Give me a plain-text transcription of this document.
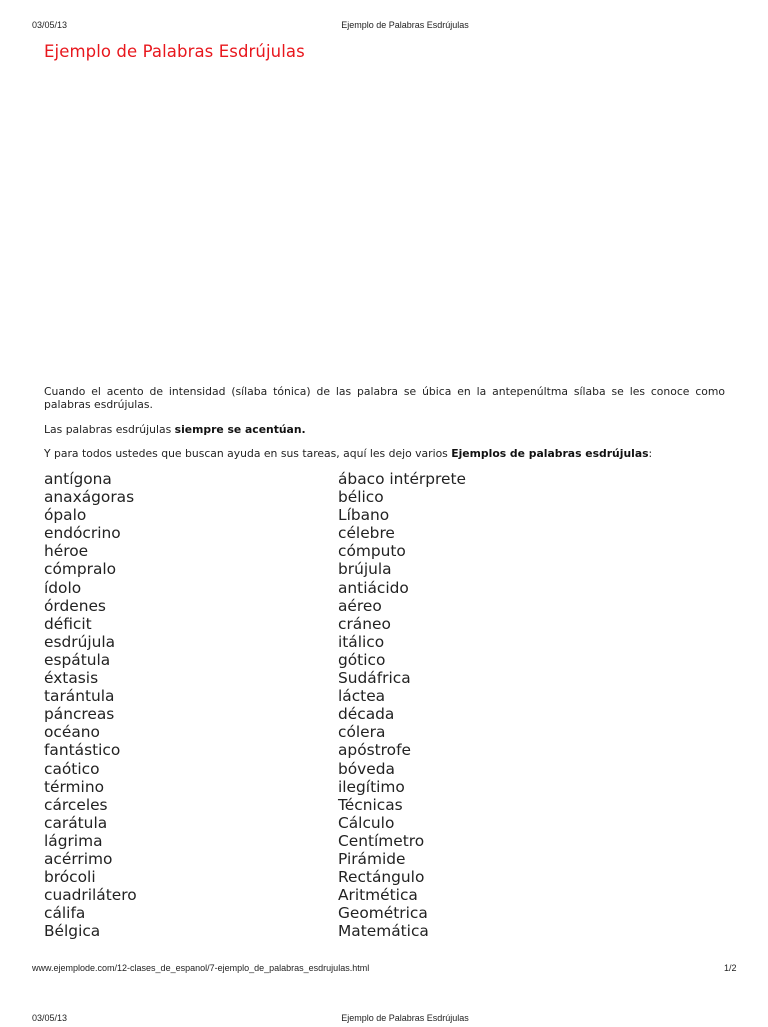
03/05/13	Ejemplo de Palabras Esdrújulas
Ejemplo de Palabras Esdrújulas

Cuando el acento de intensidad (sílaba tónica) de las palabra se úbica en la antepenúltma sílaba se les conoce como palabras esdrújulas.

Las palabras esdrújulas siempre se acentúan.

Y para todos ustedes que buscan ayuda en sus tareas, aquí les dejo varios Ejemplos de palabras esdrújulas:

antígona
anaxágoras
ópalo
endócrino
héroe
cómpralo
ídolo
órdenes
déficit
esdrújula
espátula
éxtasis
tarántula
páncreas
océano
fantástico
caótico
término
cárceles
carátula
lágrima
acérrimo
brócoli
cuadrilátero
cálifa
Bélgica
ábaco intérprete
bélico
Líbano
célebre
cómputo
brújula
antiácido
aéreo
cráneo
itálico
gótico
Sudáfrica
láctea
década
cólera
apóstrofe
bóveda
ilegítimo
Técnicas
Cálculo
Centímetro
Pirámide
Rectángulo
Aritmética
Geométrica
Matemática
www.ejemplode.com/12-clases_de_espanol/7-ejemplo_de_palabras_esdrujulas.html	1/2
03/05/13	Ejemplo de Palabras Esdrújulas
